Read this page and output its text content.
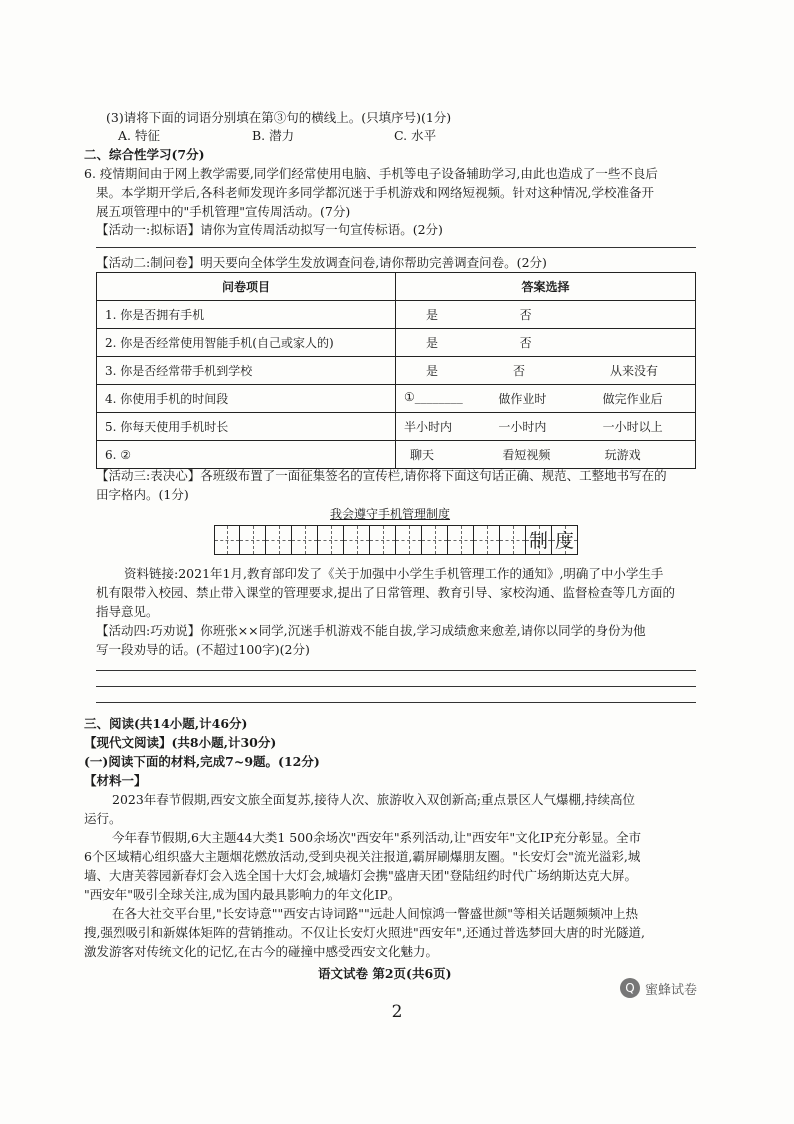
(3)请将下面的词语分别填在第③句的横线上。(只填序号)(1分)
A. 特征	B. 潜力	C. 水平
二、综合性学习(7分)
6. 疫情期间由于网上教学需要,同学们经常使用电脑、手机等电子设备辅助学习,由此也造成了一些不良后
果。本学期开学后,各科老师发现许多同学都沉迷于手机游戏和网络短视频。针对这种情况,学校准备开
展五项管理中的"手机管理"宣传周活动。(7分)
【活动一:拟标语】请你为宣传周活动拟写一句宣传标语。(2分)
【活动二:制问卷】明天要向全体学生发放调查问卷,请你帮助完善调查问卷。(2分)
问卷项目	答案选择
1. 你是否拥有手机	是 否

2. 你是否经常使用智能手机(自己或家人的)	是 否

3. 你是否经常带手机到学校	是 否 从来没有

4. 你使用手机的时间段	①________ 做作业时 做完作业后

5. 你每天使用手机时长	半小时内 一小时内 一小时以上

6. ②	聊天 看短视频 玩游戏
【活动三:表决心】各班级布置了一面征集签名的宣传栏,请你将下面这句话正确、规范、工整地书写在的
田字格内。(1分)
我会遵守手机管理制度
制 度
资料链接:2021年1月,教育部印发了《关于加强中小学生手机管理工作的通知》,明确了中小学生手
机有限带入校园、禁止带入课堂的管理要求,提出了日常管理、教育引导、家校沟通、监督检查等几方面的
指导意见。
【活动四:巧劝说】你班张××同学,沉迷手机游戏不能自拔,学习成绩愈来愈差,请你以同学的身份为他
写一段劝导的话。(不超过100字)(2分)
三、阅读(共14小题,计46分)
【现代文阅读】(共8小题,计30分)
(一)阅读下面的材料,完成7~9题。(12分)
【材料一】
2023年春节假期,西安文旅全面复苏,接待人次、旅游收入双创新高;重点景区人气爆棚,持续高位
运行。
今年春节假期,6大主题44大类1 500余场次"西安年"系列活动,让"西安年"文化IP充分彰显。全市
6个区域精心组织盛大主题烟花燃放活动,受到央视关注报道,霸屏刷爆朋友圈。"长安灯会"流光溢彩,城
墙、大唐芙蓉园新春灯会入选全国十大灯会,城墙灯会携"盛唐天团"登陆纽约时代广场纳斯达克大屏。
"西安年"吸引全球关注,成为国内最具影响力的年文化IP。
在各大社交平台里,"长安诗意""西安古诗词路""远赴人间惊鸿一瞥盛世颜"等相关话题频频冲上热
搜,强烈吸引和新媒体矩阵的营销推动。不仅让长安灯火照进"西安年",还通过普选梦回大唐的时光隧道,
激发游客对传统文化的记忆,在古今的碰撞中感受西安文化魅力。
语文试卷 第2页(共6页)
Q 蜜蜂试卷
2
